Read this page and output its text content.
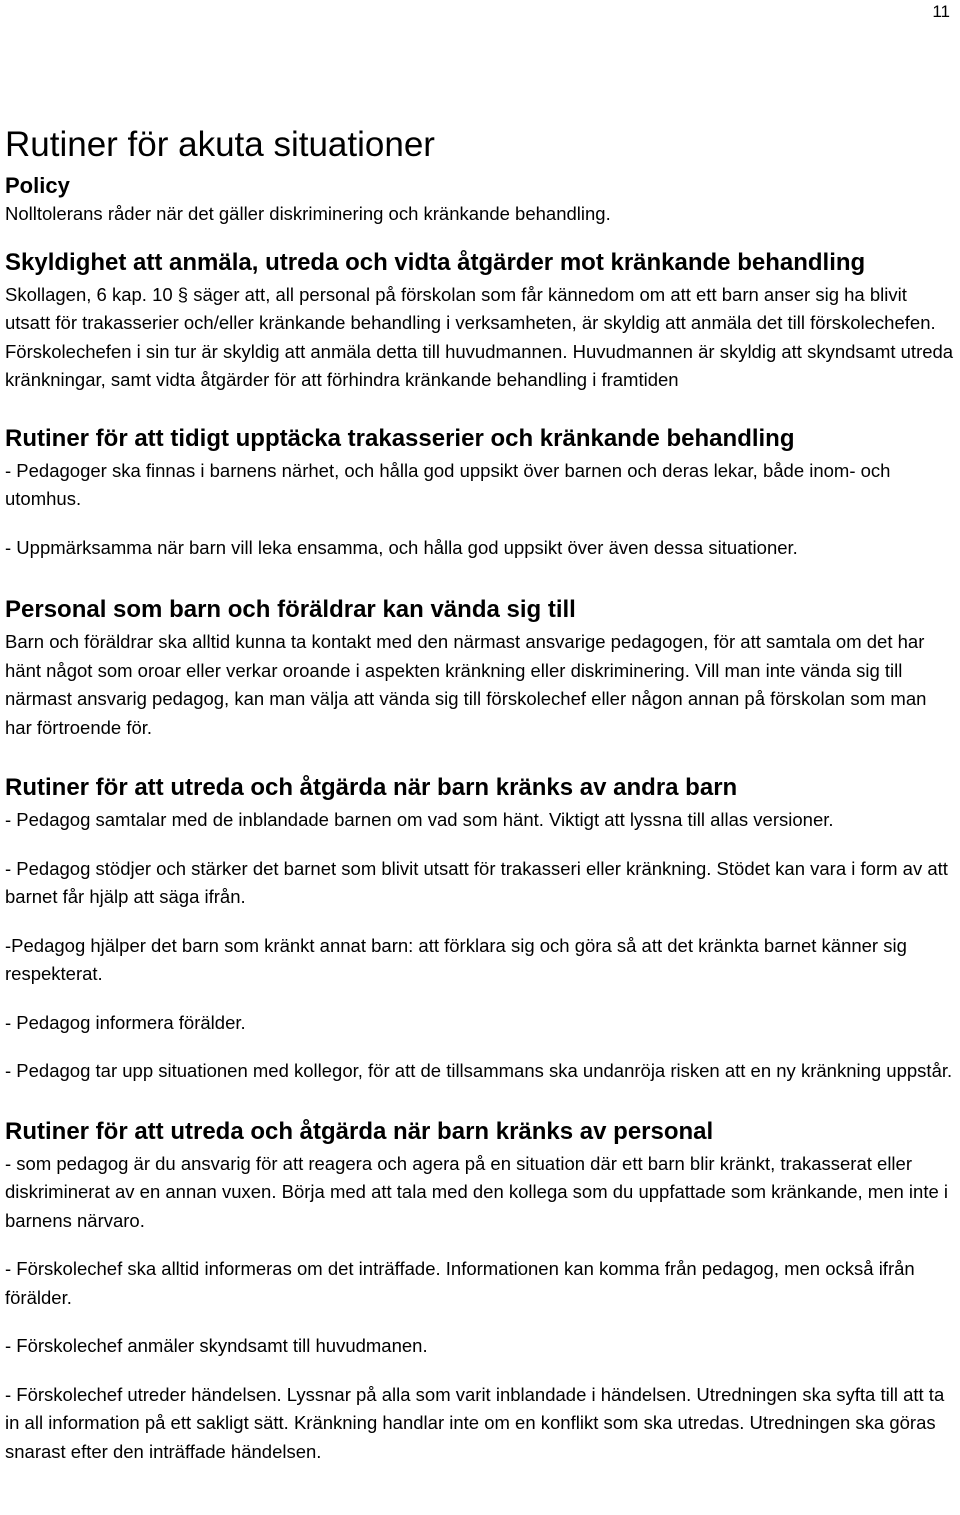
11
Rutiner för akuta situationer
Policy

Nolltolerans råder när det gäller diskriminering och kränkande behandling.

Skyldighet att anmäla, utreda och vidta åtgärder mot kränkande behandling

Skollagen, 6 kap. 10 § säger att, all personal på förskolan som får kännedom om att ett barn anser sig ha blivit utsatt för trakasserier och/eller kränkande behandling i verksamheten, är skyldig att anmäla det till förskolechefen. Förskolechefen i sin tur är skyldig att anmäla detta till huvudmannen. Huvudmannen är skyldig att skyndsamt utreda kränkningar, samt vidta åtgärder för att förhindra kränkande behandling i framtiden

Rutiner för att tidigt upptäcka trakasserier och kränkande behandling

- Pedagoger ska finnas i barnens närhet, och hålla god uppsikt över barnen och deras lekar, både inom- och utomhus.

- Uppmärksamma när barn vill leka ensamma, och hålla god uppsikt över även dessa situationer.

Personal som barn och föräldrar kan vända sig till

Barn och föräldrar ska alltid kunna ta kontakt med den närmast ansvarige pedagogen, för att samtala om det har hänt något som oroar eller verkar oroande i aspekten kränkning eller diskriminering. Vill man inte vända sig till närmast ansvarig pedagog, kan man välja att vända sig till förskolechef eller någon annan på förskolan som man har förtroende för.

Rutiner för att utreda och åtgärda när barn kränks av andra barn

- Pedagog samtalar med de inblandade barnen om vad som hänt. Viktigt att lyssna till allas versioner.

- Pedagog stödjer och stärker det barnet som blivit utsatt för trakasseri eller kränkning. Stödet kan vara i form av att barnet får hjälp att säga ifrån.

-Pedagog hjälper det barn som kränkt annat barn: att förklara sig och göra så att det kränkta barnet känner sig respekterat.

- Pedagog informera förälder.

- Pedagog tar upp situationen med kollegor, för att de tillsammans ska undanröja risken att en ny kränkning uppstår.

Rutiner för att utreda och åtgärda när barn kränks av personal

- som pedagog är du ansvarig för att reagera och agera på en situation där ett barn blir kränkt, trakasserat eller diskriminerat av en annan vuxen. Börja med att tala med den kollega som du uppfattade som kränkande, men inte i barnens närvaro.

- Förskolechef ska alltid informeras om det inträffade. Informationen kan komma från pedagog, men också ifrån förälder.

- Förskolechef anmäler skyndsamt till huvudmanen.

- Förskolechef utreder händelsen. Lyssnar på alla som varit inblandade i händelsen. Utredningen ska syfta till att ta in all information på ett sakligt sätt. Kränkning handlar inte om en konflikt som ska utredas. Utredningen ska göras snarast efter den inträffade händelsen.
